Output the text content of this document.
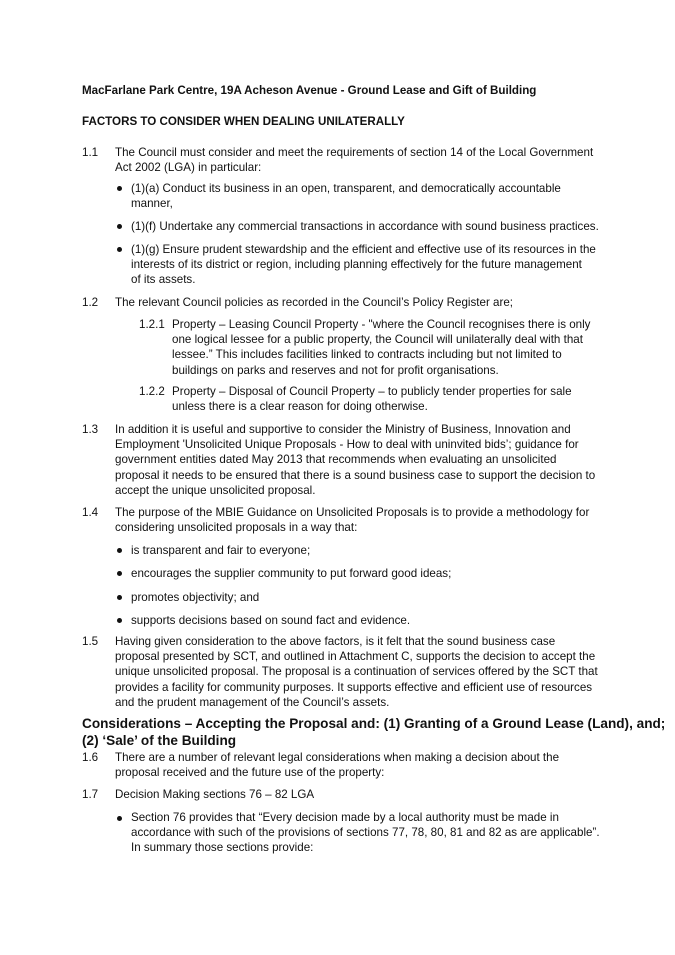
MacFarlane Park Centre, 19A Acheson Avenue - Ground Lease and Gift of Building
FACTORS TO CONSIDER WHEN DEALING UNILATERALLY
1.1 The Council must consider and meet the requirements of section 14 of the Local Government
Act 2002 (LGA) in particular:
(1)(a) Conduct its business in an open, transparent, and democratically accountable
manner,
(1)(f) Undertake any commercial transactions in accordance with sound business practices.
(1)(g) Ensure prudent stewardship and the efficient and effective use of its resources in the
interests of its district or region, including planning effectively for the future management
of its assets.
1.2 The relevant Council policies as recorded in the Council’s Policy Register are;
1.2.1 Property – Leasing Council Property - "where the Council recognises there is only
one logical lessee for a public property, the Council will unilaterally deal with that
lessee.” This includes facilities linked to contracts including but not limited to
buildings on parks and reserves and not for profit organisations.
1.2.2 Property – Disposal of Council Property – to publicly tender properties for sale
unless there is a clear reason for doing otherwise.
1.3 In addition it is useful and supportive to consider the Ministry of Business, Innovation and
Employment 'Unsolicited Unique Proposals - How to deal with uninvited bids’; guidance for
government entities dated May 2013 that recommends when evaluating an unsolicited
proposal it needs to be ensured that there is a sound business case to support the decision to
accept the unique unsolicited proposal.
1.4 The purpose of the MBIE Guidance on Unsolicited Proposals is to provide a methodology for
considering unsolicited proposals in a way that:
is transparent and fair to everyone;
encourages the supplier community to put forward good ideas;
promotes objectivity; and
supports decisions based on sound fact and evidence.
1.5 Having given consideration to the above factors, is it felt that the sound business case
proposal presented by SCT, and outlined in Attachment C, supports the decision to accept the
unique unsolicited proposal. The proposal is a continuation of services offered by the SCT that
provides a facility for community purposes. It supports effective and efficient use of resources
and the prudent management of the Council’s assets.
Considerations – Accepting the Proposal and: (1) Granting of a Ground Lease (Land), and;
(2) ‘Sale’ of the Building
1.6 There are a number of relevant legal considerations when making a decision about the
proposal received and the future use of the property:
1.7 Decision Making sections 76 – 82 LGA
Section 76 provides that “Every decision made by a local authority must be made in
accordance with such of the provisions of sections 77, 78, 80, 81 and 82 as are applicable”.
In summary those sections provide:
